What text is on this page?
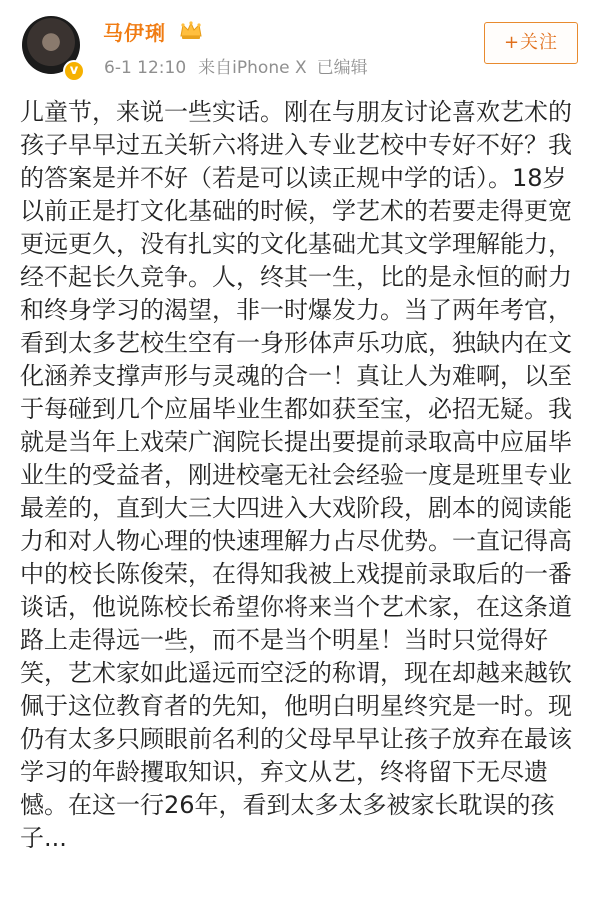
v
马伊琍
6-1 12:10 来自iPhone X 已编辑
+关注
儿童节，来说一些实话。刚在与朋友讨论喜欢艺术的
孩子早早过五关斩六将进入专业艺校中专好不好？我
的答案是并不好（若是可以读正规中学的话）。18岁
以前正是打文化基础的时候，学艺术的若要走得更宽
更远更久，没有扎实的文化基础尤其文学理解能力，
经不起长久竞争。人，终其一生，比的是永恒的耐力
和终身学习的渴望，非一时爆发力。当了两年考官，
看到太多艺校生空有一身形体声乐功底，独缺内在文
化涵养支撑声形与灵魂的合一！真让人为难啊，以至
于每碰到几个应届毕业生都如获至宝，必招无疑。我
就是当年上戏荣广润院长提出要提前录取高中应届毕
业生的受益者，刚进校毫无社会经验一度是班里专业
最差的，直到大三大四进入大戏阶段，剧本的阅读能
力和对人物心理的快速理解力占尽优势。一直记得高
中的校长陈俊荣，在得知我被上戏提前录取后的一番
谈话，他说陈校长希望你将来当个艺术家，在这条道
路上走得远一些，而不是当个明星！当时只觉得好
笑，艺术家如此遥远而空泛的称谓，现在却越来越钦
佩于这位教育者的先知，他明白明星终究是一时。现
仍有太多只顾眼前名利的父母早早让孩子放弃在最该
学习的年龄攫取知识，弃文从艺，终将留下无尽遗
憾。在这一行26年，看到太多太多被家长耽误的孩
子...
